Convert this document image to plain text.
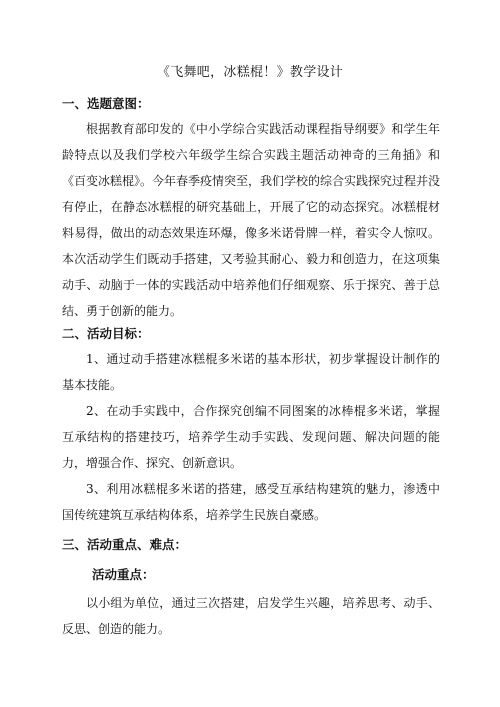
《飞舞吧，冰糕棍！》教学设计
一、选题意图：
根据教育部印发的《中小学综合实践活动课程指导纲要》和学生年龄特点以及我们学校六年级学生综合实践主题活动神奇的三角插》和《百变冰糕棍》。今年春季疫情突至，我们学校的综合实践探究过程并没有停止，在静态冰糕棍的研究基础上，开展了它的动态探究。冰糕棍材料易得，做出的动态效果连环爆，像多米诺骨牌一样，着实令人惊叹。本次活动学生们既动手搭建，又考验其耐心、毅力和创造力，在这项集动手、动脑于一体的实践活动中培养他们仔细观察、乐于探究、善于总结、勇于创新的能力。
二、活动目标：
1、通过动手搭建冰糕棍多米诺的基本形状，初步掌握设计制作的基本技能。
2、在动手实践中，合作探究创编不同图案的冰棒棍多米诺，掌握互承结构的搭建技巧，培养学生动手实践、发现问题、解决问题的能力，增强合作、探究、创新意识。
3、利用冰糕棍多米诺的搭建，感受互承结构建筑的魅力，渗透中国传统建筑互承结构体系，培养学生民族自豪感。
三、活动重点、难点：
活动重点：
以小组为单位，通过三次搭建，启发学生兴趣，培养思考、动手、反思、创造的能力。
